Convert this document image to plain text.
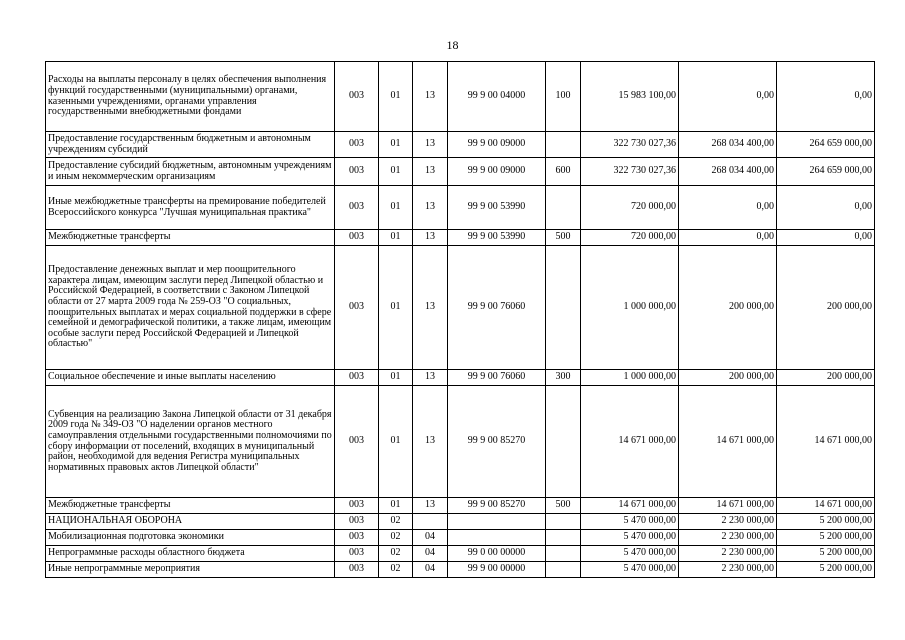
18
Расходы на выплаты персоналу в целях обеспечения выполнения функций государственными (муниципальными) органами, казенными учреждениями, органами управления государственными внебюджетными фондами	003	01	13	99 9 00 04000	100	15 983 100,00	0,00	0,00
Предоставление государственным бюджетным и автономным учреждениям субсидий	003	01	13	99 9 00 09000		322 730 027,36	268 034 400,00	264 659 000,00
Предоставление субсидий бюджетным, автономным учреждениям и иным некоммерческим организациям	003	01	13	99 9 00 09000	600	322 730 027,36	268 034 400,00	264 659 000,00
Иные межбюджетные трансферты на премирование победителей Всероссийского конкурса "Лучшая муниципальная практика"	003	01	13	99 9 00 53990		720 000,00	0,00	0,00
Межбюджетные трансферты	003	01	13	99 9 00 53990	500	720 000,00	0,00	0,00
Предоставление денежных выплат и мер поощрительного характера лицам, имеющим заслуги перед Липецкой областью и Российской Федерацией, в соответствии с Законом Липецкой области от 27 марта 2009 года № 259-ОЗ "О социальных, поощрительных выплатах и мерах социальной поддержки в сфере семейной и демографической политики, а также лицам, имеющим особые заслуги перед Российской Федерацией и Липецкой областью"	003	01	13	99 9 00 76060		1 000 000,00	200 000,00	200 000,00
Социальное обеспечение и иные выплаты населению	003	01	13	99 9 00 76060	300	1 000 000,00	200 000,00	200 000,00
Субвенция на реализацию Закона Липецкой области от 31 декабря 2009 года № 349-ОЗ "О наделении органов местного самоуправления отдельными государственными полномочиями по сбору информации от поселений, входящих в муниципальный район, необходимой для ведения Регистра муниципальных нормативных правовых актов Липецкой области"	003	01	13	99 9 00 85270		14 671 000,00	14 671 000,00	14 671 000,00
Межбюджетные трансферты	003	01	13	99 9 00 85270	500	14 671 000,00	14 671 000,00	14 671 000,00
НАЦИОНАЛЬНАЯ ОБОРОНА	003	02				5 470 000,00	2 230 000,00	5 200 000,00
Мобилизационная подготовка экономики	003	02	04			5 470 000,00	2 230 000,00	5 200 000,00
Непрограммные расходы областного бюджета	003	02	04	99 0 00 00000		5 470 000,00	2 230 000,00	5 200 000,00
Иные непрограммные мероприятия	003	02	04	99 9 00 00000		5 470 000,00	2 230 000,00	5 200 000,00
